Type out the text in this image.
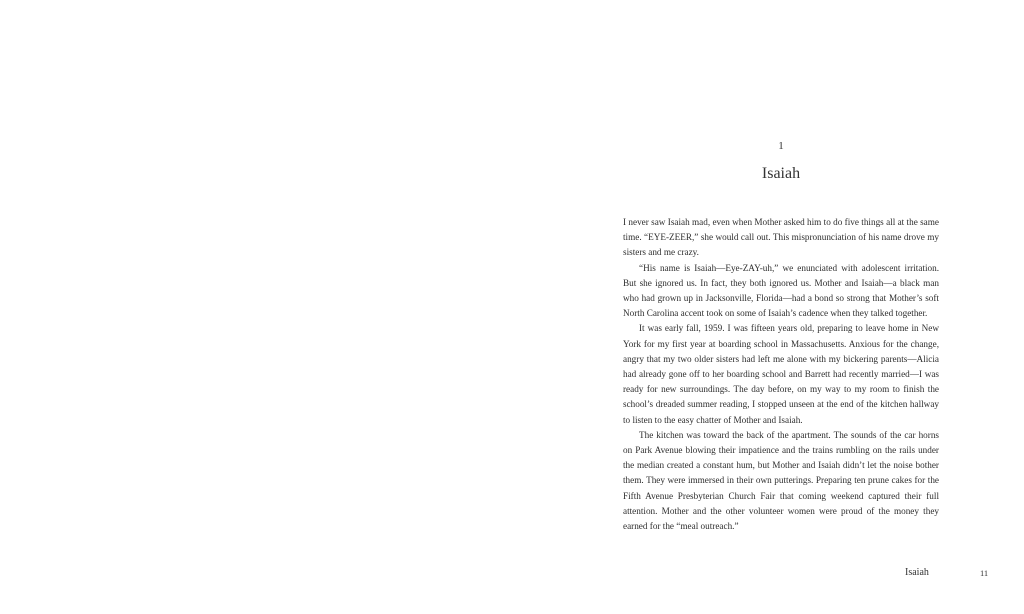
1
Isaiah

I never saw Isaiah mad, even when Mother asked him to do five things all at the same time. “EYE-ZEER,” she would call out. This mispronunciation of his name drove my sisters and me crazy.

“His name is Isaiah—Eye-ZAY-uh,” we enunciated with adolescent irritation. But she ignored us. In fact, they both ignored us. Mother and Isaiah—a black man who had grown up in Jacksonville, Florida—had a bond so strong that Mother’s soft North Carolina accent took on some of Isaiah’s cadence when they talked together.

It was early fall, 1959. I was fifteen years old, preparing to leave home in New York for my first year at boarding school in Massachusetts. Anxious for the change, angry that my two older sisters had left me alone with my bickering parents—Alicia had already gone off to her boarding school and Barrett had recently married—I was ready for new surroundings. The day before, on my way to my room to finish the school’s dreaded summer reading, I stopped unseen at the end of the kitchen hallway to listen to the easy chatter of Mother and Isaiah.

The kitchen was toward the back of the apartment. The sounds of the car horns on Park Avenue blowing their impatience and the trains rumbling on the rails under the median created a constant hum, but Mother and Isaiah didn’t let the noise bother them. They were immersed in their own putterings. Preparing ten prune cakes for the Fifth Avenue Presbyterian Church Fair that coming weekend captured their full attention. Mother and the other volunteer women were proud of the money they earned for the “meal outreach.”

Isaiah	11
